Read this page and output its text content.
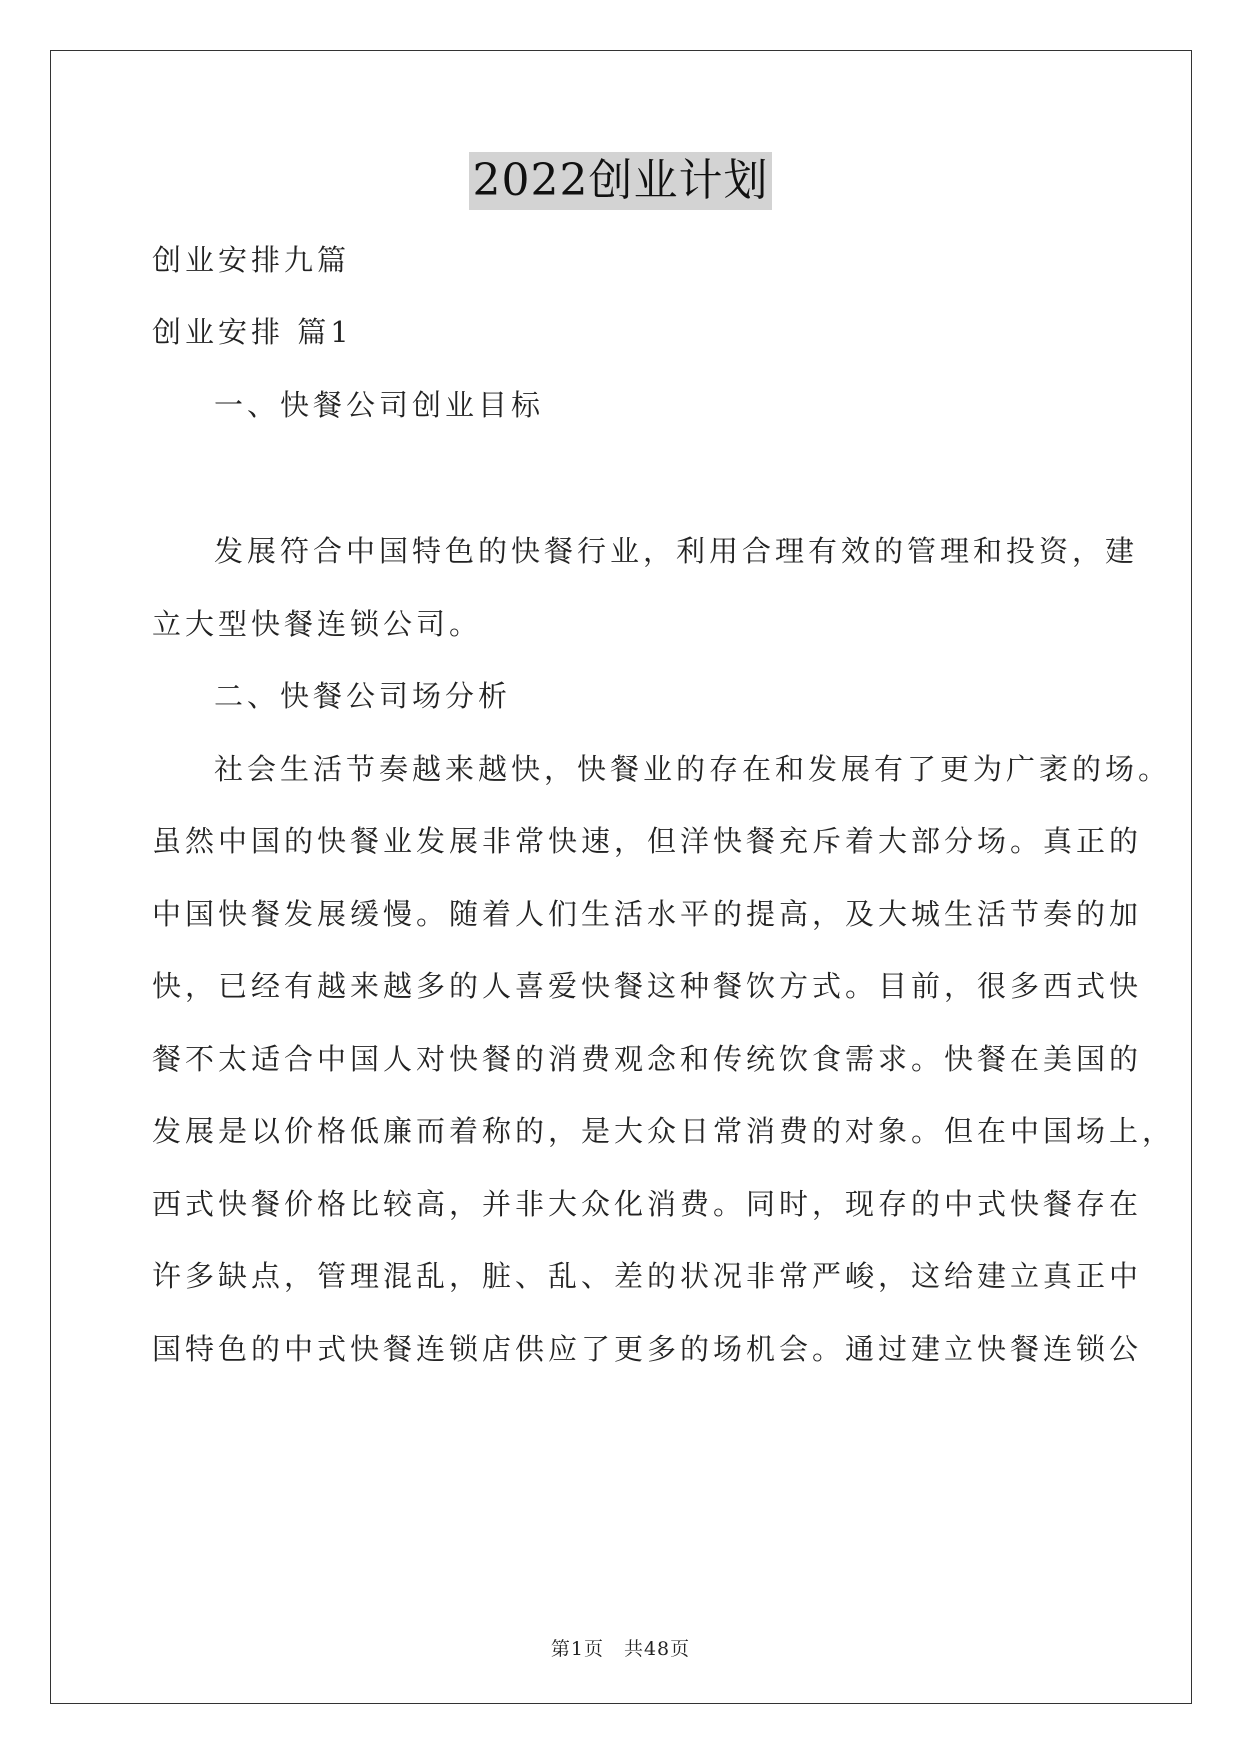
2022创业计划
创业安排九篇
创业安排 篇1
一、快餐公司创业目标
发展符合中国特色的快餐行业，利用合理有效的管理和投资，建
立大型快餐连锁公司。
二、快餐公司场分析
社会生活节奏越来越快，快餐业的存在和发展有了更为广袤的场。
虽然中国的快餐业发展非常快速，但洋快餐充斥着大部分场。真正的
中国快餐发展缓慢。随着人们生活水平的提高，及大城生活节奏的加
快，已经有越来越多的人喜爱快餐这种餐饮方式。目前，很多西式快
餐不太适合中国人对快餐的消费观念和传统饮食需求。快餐在美国的
发展是以价格低廉而着称的，是大众日常消费的对象。但在中国场上，
西式快餐价格比较高，并非大众化消费。同时，现存的中式快餐存在
许多缺点，管理混乱，脏、乱、差的状况非常严峻，这给建立真正中
国特色的中式快餐连锁店供应了更多的场机会。通过建立快餐连锁公
第1页　共48页
